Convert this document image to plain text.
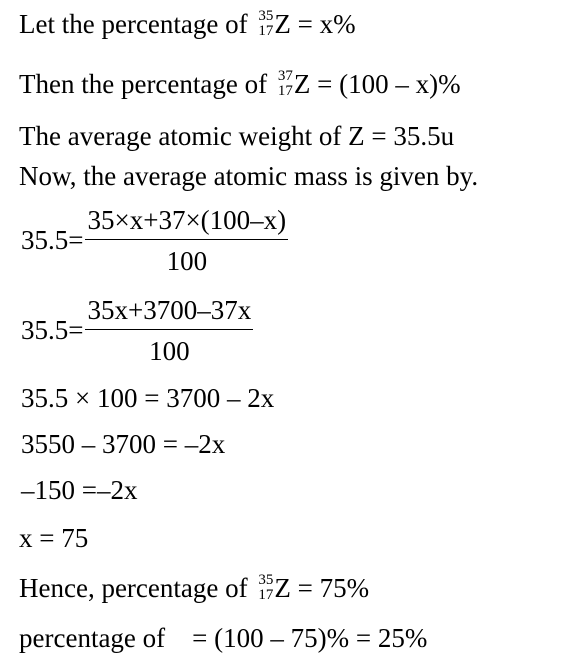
Let the percentage of 35
17 Z = x%
Then the percentage of 37
17 Z = (100 – x)%
The average atomic weight of Z = 35.5u
Now, the average atomic mass is given by.
$35.5= \frac{35\times x+37\times(100-x)}{100}$
$35.5= \frac{35x+3700-37x}{100}$
35.5 × 100 = 3700 – 2x
3550 – 3700 = –2x
–150 =–2x
x = 75
Hence, percentage of 35
17 Z = 75%
percentage of    = (100 – 75)% = 25%
